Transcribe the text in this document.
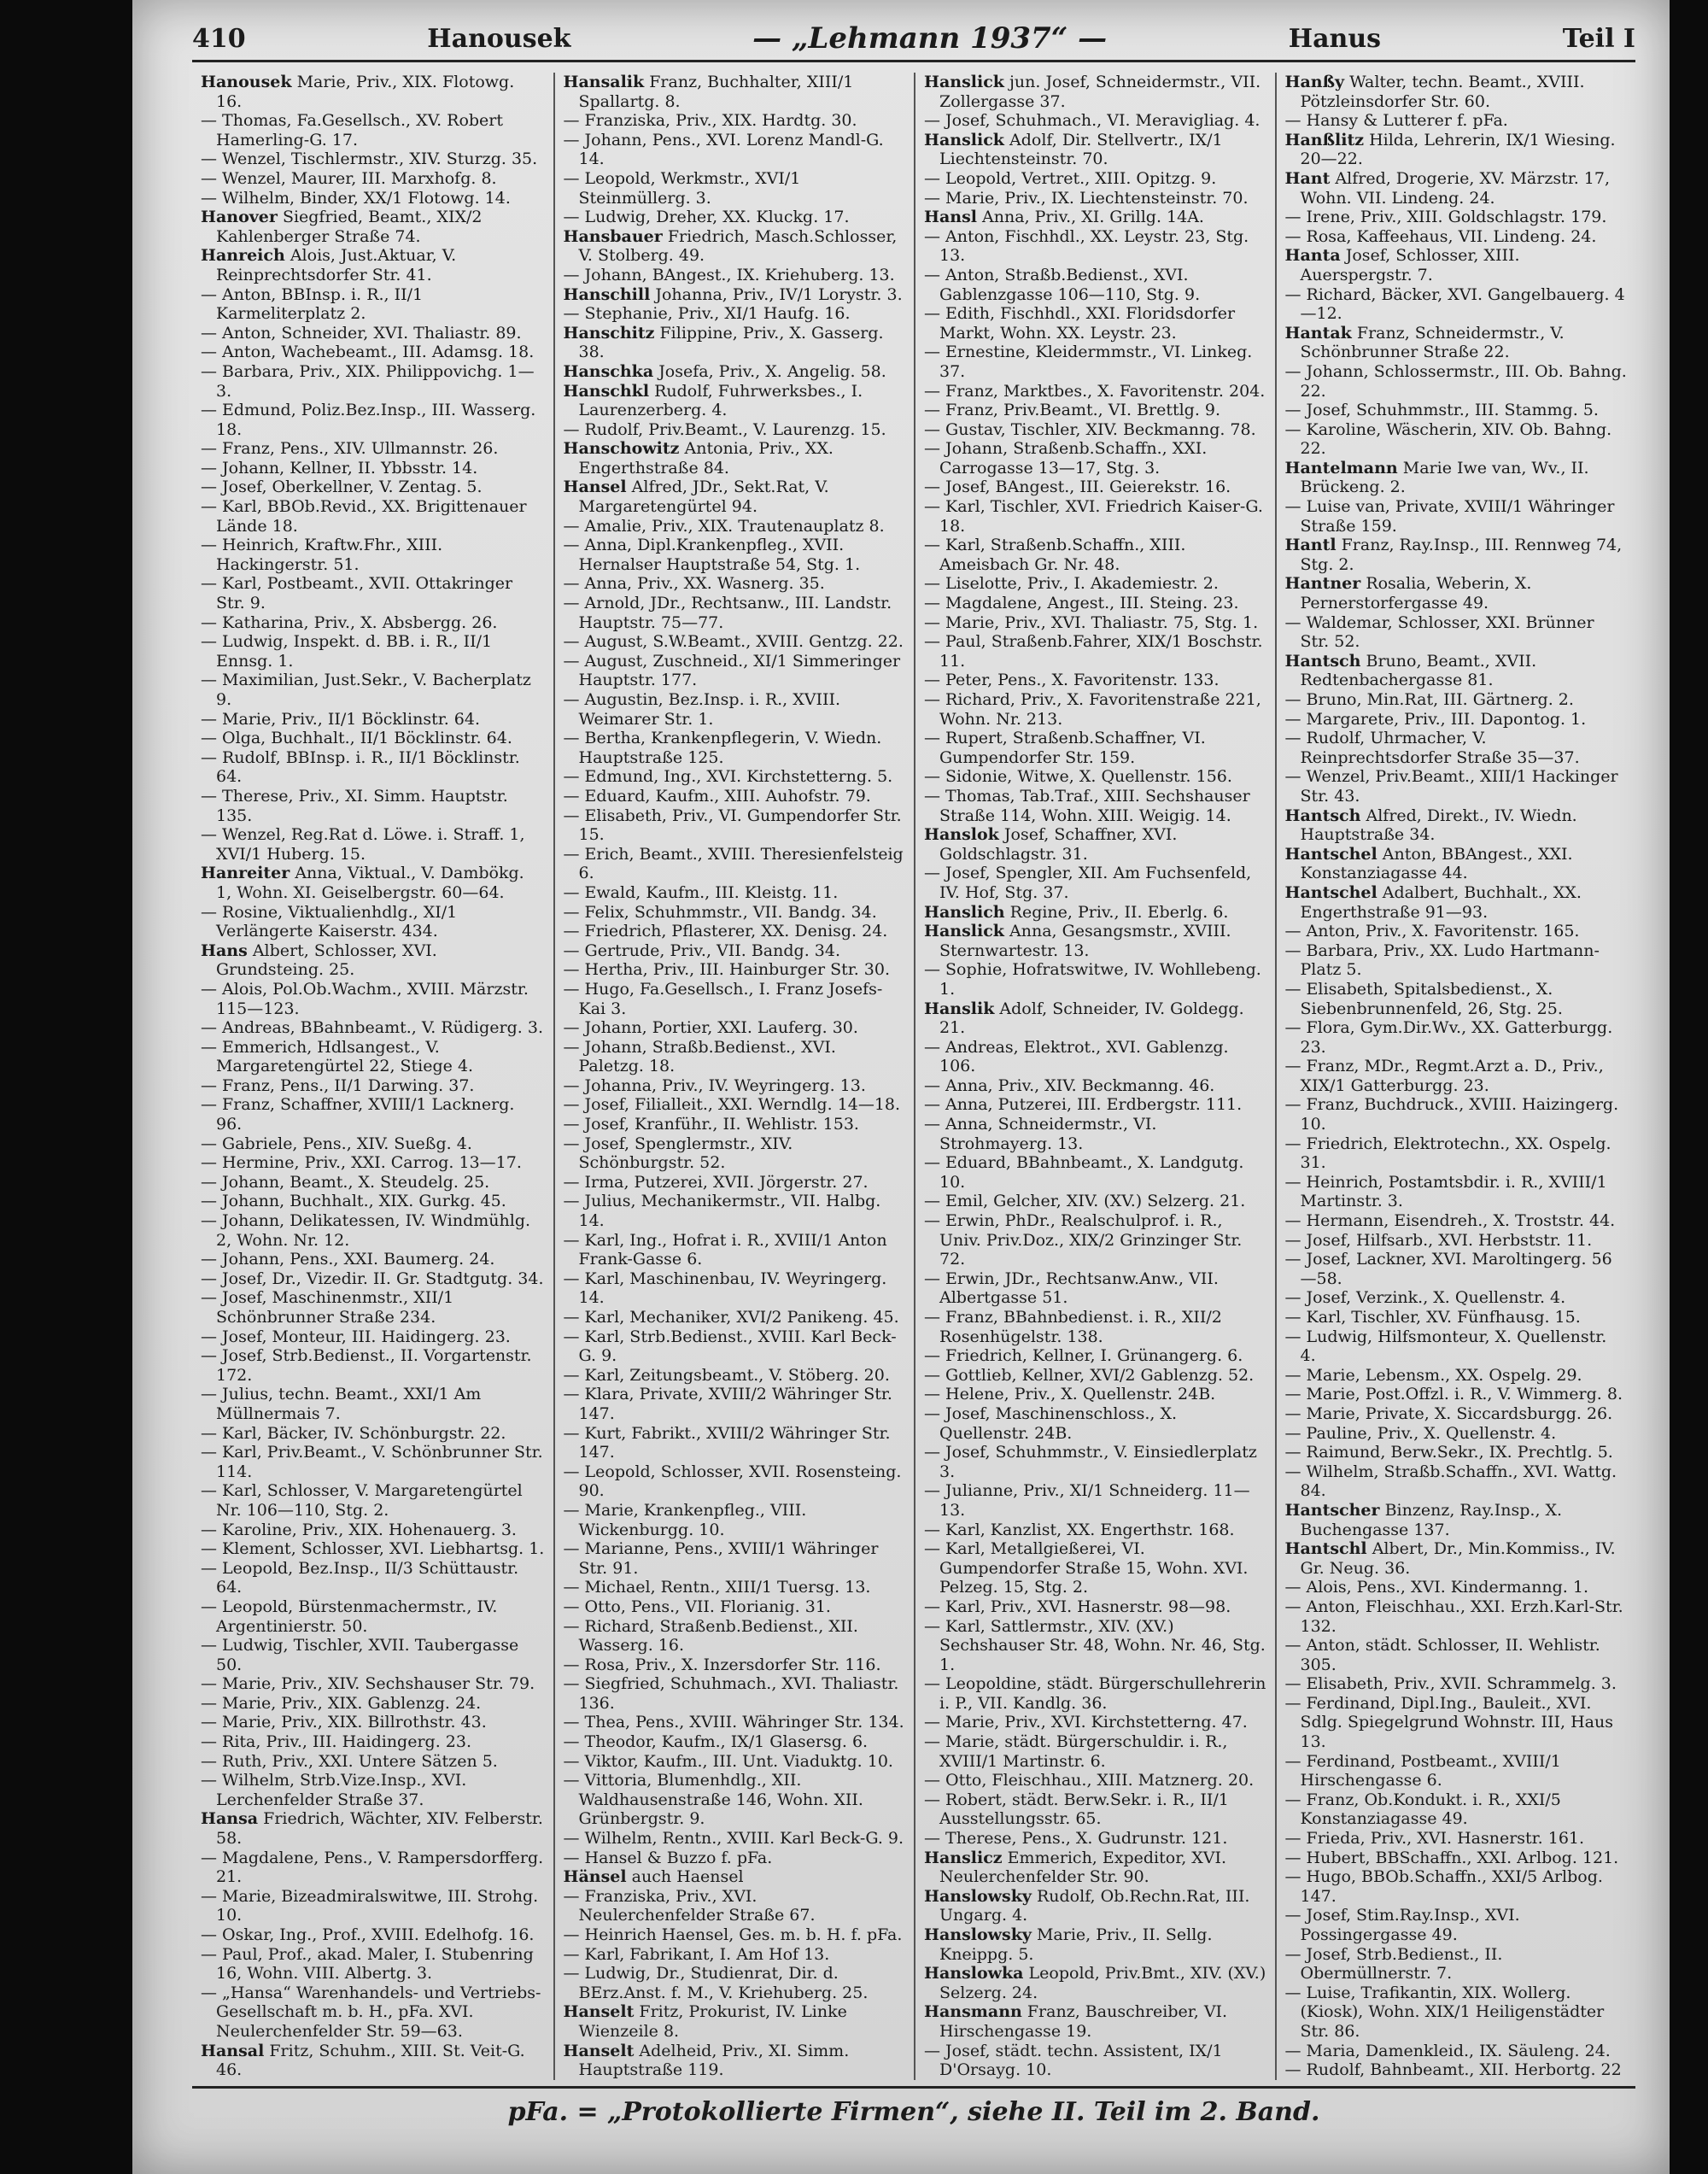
410	Hanousek	— „Lehmann 1937“ —	Hanus	Teil I

Hanousek Marie, Priv., XIX. Flotowg. 16.

— Thomas, Fa.Gesellsch., XV. Robert Hamerling-G. 17.

— Wenzel, Tischlermstr., XIV. Sturzg. 35.

— Wenzel, Maurer, III. Marxhofg. 8.

— Wilhelm, Binder, XX/1 Flotowg. 14.

Hanover Siegfried, Beamt., XIX/2 Kahlenberger Straße 74.

Hanreich Alois, Just.Aktuar, V. Reinprechtsdorfer Str. 41.

— Anton, BBInsp. i. R., II/1 Karmeliterplatz 2.

— Anton, Schneider, XVI. Thaliastr. 89.

— Anton, Wachebeamt., III. Adamsg. 18.

— Barbara, Priv., XIX. Philippovichg. 1—3.

— Edmund, Poliz.Bez.Insp., III. Wasserg. 18.

— Franz, Pens., XIV. Ullmannstr. 26.

— Johann, Kellner, II. Ybbsstr. 14.

— Josef, Oberkellner, V. Zentag. 5.

— Karl, BBOb.Revid., XX. Brigittenauer Lände 18.

— Heinrich, Kraftw.Fhr., XIII. Hackingerstr. 51.

— Karl, Postbeamt., XVII. Ottakringer Str. 9.

— Katharina, Priv., X. Absbergg. 26.

— Ludwig, Inspekt. d. BB. i. R., II/1 Ennsg. 1.

— Maximilian, Just.Sekr., V. Bacherplatz 9.

— Marie, Priv., II/1 Böcklinstr. 64.

— Olga, Buchhalt., II/1 Böcklinstr. 64.

— Rudolf, BBInsp. i. R., II/1 Böcklinstr. 64.

— Therese, Priv., XI. Simm. Hauptstr. 135.

— Wenzel, Reg.Rat d. Löwe. i. Straff. 1, XVI/1 Huberg. 15.

Hanreiter Anna, Viktual., V. Dambökg. 1, Wohn. XI. Geiselbergstr. 60—64.

— Rosine, Viktualienhdlg., XI/1 Verlängerte Kaiserstr. 434.

Hans Albert, Schlosser, XVI. Grundsteing. 25.

— Alois, Pol.Ob.Wachm., XVIII. Märzstr. 115—123.

— Andreas, BBahnbeamt., V. Rüdigerg. 3.

— Emmerich, Hdlsangest., V. Margaretengürtel 22, Stiege 4.

— Franz, Pens., II/1 Darwing. 37.

— Franz, Schaffner, XVIII/1 Lacknerg. 96.

— Gabriele, Pens., XIV. Sueßg. 4.

— Hermine, Priv., XXI. Carrog. 13—17.

— Johann, Beamt., X. Steudelg. 25.

— Johann, Buchhalt., XIX. Gurkg. 45.

— Johann, Delikatessen, IV. Windmühlg. 2, Wohn. Nr. 12.

— Johann, Pens., XXI. Baumerg. 24.

— Josef, Dr., Vizedir. II. Gr. Stadtgutg. 34.

— Josef, Maschinenmstr., XII/1 Schönbrunner Straße 234.

— Josef, Monteur, III. Haidingerg. 23.

— Josef, Strb.Bedienst., II. Vorgartenstr. 172.

— Julius, techn. Beamt., XXI/1 Am Müllnermais 7.

— Karl, Bäcker, IV. Schönburgstr. 22.

— Karl, Priv.Beamt., V. Schönbrunner Str. 114.

— Karl, Schlosser, V. Margaretengürtel Nr. 106—110, Stg. 2.

— Karoline, Priv., XIX. Hohenauerg. 3.

— Klement, Schlosser, XVI. Liebhartsg. 1.

— Leopold, Bez.Insp., II/3 Schüttaustr. 64.

— Leopold, Bürstenmachermstr., IV. Argentinierstr. 50.

— Ludwig, Tischler, XVII. Taubergasse 50.

— Marie, Priv., XIV. Sechshauser Str. 79.

— Marie, Priv., XIX. Gablenzg. 24.

— Marie, Priv., XIX. Billrothstr. 43.

— Rita, Priv., III. Haidingerg. 23.

— Ruth, Priv., XXI. Untere Sätzen 5.

— Wilhelm, Strb.Vize.Insp., XVI. Lerchenfelder Straße 37.

Hansa Friedrich, Wächter, XIV. Felberstr. 58.

— Magdalene, Pens., V. Rampersdorfferg. 21.

— Marie, Bizeadmiralswitwe, III. Strohg. 10.

— Oskar, Ing., Prof., XVIII. Edelhofg. 16.

— Paul, Prof., akad. Maler, I. Stubenring 16, Wohn. VIII. Albertg. 3.

— „Hansa“ Warenhandels- und Vertriebs-Gesellschaft m. b. H., pFa. XVI. Neulerchenfelder Str. 59—63.

Hansal Fritz, Schuhm., XIII. St. Veit-G. 46.

Hansalik Franz, Buchhalter, XIII/1 Spallartg. 8.

— Franziska, Priv., XIX. Hardtg. 30.

— Johann, Pens., XVI. Lorenz Mandl-G. 14.

— Leopold, Werkmstr., XVI/1 Steinmüllerg. 3.

— Ludwig, Dreher, XX. Kluckg. 17.

Hansbauer Friedrich, Masch.Schlosser, V. Stolberg. 49.

— Johann, BAngest., IX. Kriehuberg. 13.

Hanschill Johanna, Priv., IV/1 Lorystr. 3.

— Stephanie, Priv., XI/1 Haufg. 16.

Hanschitz Filippine, Priv., X. Gasserg. 38.

Hanschka Josefa, Priv., X. Angelig. 58.

Hanschkl Rudolf, Fuhrwerksbes., I. Laurenzerberg. 4.

— Rudolf, Priv.Beamt., V. Laurenzg. 15.

Hanschowitz Antonia, Priv., XX. Engerthstraße 84.

Hansel Alfred, JDr., Sekt.Rat, V. Margaretengürtel 94.

— Amalie, Priv., XIX. Trautenauplatz 8.

— Anna, Dipl.Krankenpfleg., XVII. Hernalser Hauptstraße 54, Stg. 1.

— Anna, Priv., XX. Wasnerg. 35.

— Arnold, JDr., Rechtsanw., III. Landstr. Hauptstr. 75—77.

— August, S.W.Beamt., XVIII. Gentzg. 22.

— August, Zuschneid., XI/1 Simmeringer Hauptstr. 177.

— Augustin, Bez.Insp. i. R., XVIII. Weimarer Str. 1.

— Bertha, Krankenpflegerin, V. Wiedn. Hauptstraße 125.

— Edmund, Ing., XVI. Kirchstetterng. 5.

— Eduard, Kaufm., XIII. Auhofstr. 79.

— Elisabeth, Priv., VI. Gumpendorfer Str. 15.

— Erich, Beamt., XVIII. Theresienfelsteig 6.

— Ewald, Kaufm., III. Kleistg. 11.

— Felix, Schuhmmstr., VII. Bandg. 34.

— Friedrich, Pflasterer, XX. Denisg. 24.

— Gertrude, Priv., VII. Bandg. 34.

— Hertha, Priv., III. Hainburger Str. 30.

— Hugo, Fa.Gesellsch., I. Franz Josefs-Kai 3.

— Johann, Portier, XXI. Lauferg. 30.

— Johann, Straßb.Bedienst., XVI. Paletzg. 18.

— Johanna, Priv., IV. Weyringerg. 13.

— Josef, Filialleit., XXI. Werndlg. 14—18.

— Josef, Kranführ., II. Wehlistr. 153.

— Josef, Spenglermstr., XIV. Schönburgstr. 52.

— Irma, Putzerei, XVII. Jörgerstr. 27.

— Julius, Mechanikermstr., VII. Halbg. 14.

— Karl, Ing., Hofrat i. R., XVIII/1 Anton Frank-Gasse 6.

— Karl, Maschinenbau, IV. Weyringerg. 14.

— Karl, Mechaniker, XVI/2 Panikeng. 45.

— Karl, Strb.Bedienst., XVIII. Karl Beck-G. 9.

— Karl, Zeitungsbeamt., V. Stöberg. 20.

— Klara, Private, XVIII/2 Währinger Str. 147.

— Kurt, Fabrikt., XVIII/2 Währinger Str. 147.

— Leopold, Schlosser, XVII. Rosensteing. 90.

— Marie, Krankenpfleg., VIII. Wickenburgg. 10.

— Marianne, Pens., XVIII/1 Währinger Str. 91.

— Michael, Rentn., XIII/1 Tuersg. 13.

— Otto, Pens., VII. Florianig. 31.

— Richard, Straßenb.Bedienst., XII. Wasserg. 16.

— Rosa, Priv., X. Inzersdorfer Str. 116.

— Siegfried, Schuhmach., XVI. Thaliastr. 136.

— Thea, Pens., XVIII. Währinger Str. 134.

— Theodor, Kaufm., IX/1 Glasersg. 6.

— Viktor, Kaufm., III. Unt. Viaduktg. 10.

— Vittoria, Blumenhdlg., XII. Waldhausenstraße 146, Wohn. XII. Grünbergstr. 9.

— Wilhelm, Rentn., XVIII. Karl Beck-G. 9.

— Hansel & Buzzo f. pFa.

Hänsel auch Haensel

— Franziska, Priv., XVI. Neulerchenfelder Straße 67.

— Heinrich Haensel, Ges. m. b. H. f. pFa.

— Karl, Fabrikant, I. Am Hof 13.

— Ludwig, Dr., Studienrat, Dir. d. BErz.Anst. f. M., V. Kriehuberg. 25.

Hanselt Fritz, Prokurist, IV. Linke Wienzeile 8.

Hanselt Adelheid, Priv., XI. Simm. Hauptstraße 119.

Hanslick jun. Josef, Schneidermstr., VII. Zollergasse 37.

— Josef, Schuhmach., VI. Meravigliag. 4.

Hanslick Adolf, Dir. Stellvertr., IX/1 Liechtensteinstr. 70.

— Leopold, Vertret., XIII. Opitzg. 9.

— Marie, Priv., IX. Liechtensteinstr. 70.

Hansl Anna, Priv., XI. Grillg. 14A.

— Anton, Fischhdl., XX. Leystr. 23, Stg. 13.

— Anton, Straßb.Bedienst., XVI. Gablenzgasse 106—110, Stg. 9.

— Edith, Fischhdl., XXI. Floridsdorfer Markt, Wohn. XX. Leystr. 23.

— Ernestine, Kleidermmstr., VI. Linkeg. 37.

— Franz, Marktbes., X. Favoritenstr. 204.

— Franz, Priv.Beamt., VI. Brettlg. 9.

— Gustav, Tischler, XIV. Beckmanng. 78.

— Johann, Straßenb.Schaffn., XXI. Carrogasse 13—17, Stg. 3.

— Josef, BAngest., III. Geierekstr. 16.

— Karl, Tischler, XVI. Friedrich Kaiser-G. 18.

— Karl, Straßenb.Schaffn., XIII. Ameisbach Gr. Nr. 48.

— Liselotte, Priv., I. Akademiestr. 2.

— Magdalene, Angest., III. Steing. 23.

— Marie, Priv., XVI. Thaliastr. 75, Stg. 1.

— Paul, Straßenb.Fahrer, XIX/1 Boschstr. 11.

— Peter, Pens., X. Favoritenstr. 133.

— Richard, Priv., X. Favoritenstraße 221, Wohn. Nr. 213.

— Rupert, Straßenb.Schaffner, VI. Gumpendorfer Str. 159.

— Sidonie, Witwe, X. Quellenstr. 156.

— Thomas, Tab.Traf., XIII. Sechshauser Straße 114, Wohn. XIII. Weigig. 14.

Hanslok Josef, Schaffner, XVI. Goldschlagstr. 31.

— Josef, Spengler, XII. Am Fuchsenfeld, IV. Hof, Stg. 37.

Hanslich Regine, Priv., II. Eberlg. 6.

Hanslick Anna, Gesangsmstr., XVIII. Sternwartestr. 13.

— Sophie, Hofratswitwe, IV. Wohllebeng. 1.

Hanslik Adolf, Schneider, IV. Goldegg. 21.

— Andreas, Elektrot., XVI. Gablenzg. 106.

— Anna, Priv., XIV. Beckmanng. 46.

— Anna, Putzerei, III. Erdbergstr. 111.

— Anna, Schneidermstr., VI. Strohmayerg. 13.

— Eduard, BBahnbeamt., X. Landgutg. 10.

— Emil, Gelcher, XIV. (XV.) Selzerg. 21.

— Erwin, PhDr., Realschulprof. i. R., Univ. Priv.Doz., XIX/2 Grinzinger Str. 72.

— Erwin, JDr., Rechtsanw.Anw., VII. Albertgasse 51.

— Franz, BBahnbedienst. i. R., XII/2 Rosenhügelstr. 138.

— Friedrich, Kellner, I. Grünangerg. 6.

— Gottlieb, Kellner, XVI/2 Gablenzg. 52.

— Helene, Priv., X. Quellenstr. 24B.

— Josef, Maschinenschloss., X. Quellenstr. 24B.

— Josef, Schuhmmstr., V. Einsiedlerplatz 3.

— Julianne, Priv., XI/1 Schneiderg. 11—13.

— Karl, Kanzlist, XX. Engerthstr. 168.

— Karl, Metallgießerei, VI. Gumpendorfer Straße 15, Wohn. XVI. Pelzeg. 15, Stg. 2.

— Karl, Priv., XVI. Hasnerstr. 98—98.

— Karl, Sattlermstr., XIV. (XV.) Sechshauser Str. 48, Wohn. Nr. 46, Stg. 1.

— Leopoldine, städt. Bürgerschullehrerin i. P., VII. Kandlg. 36.

— Marie, Priv., XVI. Kirchstetterng. 47.

— Marie, städt. Bürgerschuldir. i. R., XVIII/1 Martinstr. 6.

— Otto, Fleischhau., XIII. Matznerg. 20.

— Robert, städt. Berw.Sekr. i. R., II/1 Ausstellungsstr. 65.

— Therese, Pens., X. Gudrunstr. 121.

Hanslicz Emmerich, Expeditor, XVI. Neulerchenfelder Str. 90.

Hanslowsky Rudolf, Ob.Rechn.Rat, III. Ungarg. 4.

Hanslowsky Marie, Priv., II. Sellg. Kneippg. 5.

Hanslowka Leopold, Priv.Bmt., XIV. (XV.) Selzerg. 24.

Hansmann Franz, Bauschreiber, VI. Hirschengasse 19.

— Josef, städt. techn. Assistent, IX/1 D'Orsayg. 10.

Hanßy Walter, techn. Beamt., XVIII. Pötzleinsdorfer Str. 60.

— Hansy & Lutterer f. pFa.

Hanßlitz Hilda, Lehrerin, IX/1 Wiesing. 20—22.

Hant Alfred, Drogerie, XV. Märzstr. 17, Wohn. VII. Lindeng. 24.

— Irene, Priv., XIII. Goldschlagstr. 179.

— Rosa, Kaffeehaus, VII. Lindeng. 24.

Hanta Josef, Schlosser, XIII. Auerspergstr. 7.

— Richard, Bäcker, XVI. Gangelbauerg. 4—12.

Hantak Franz, Schneidermstr., V. Schönbrunner Straße 22.

— Johann, Schlossermstr., III. Ob. Bahng. 22.

— Josef, Schuhmmstr., III. Stammg. 5.

— Karoline, Wäscherin, XIV. Ob. Bahng. 22.

Hantelmann Marie Iwe van, Wv., II. Brückeng. 2.

— Luise van, Private, XVIII/1 Währinger Straße 159.

Hantl Franz, Ray.Insp., III. Rennweg 74, Stg. 2.

Hantner Rosalia, Weberin, X. Pernerstorfergasse 49.

— Waldemar, Schlosser, XXI. Brünner Str. 52.

Hantsch Bruno, Beamt., XVII. Redtenbachergasse 81.

— Bruno, Min.Rat, III. Gärtnerg. 2.

— Margarete, Priv., III. Dapontog. 1.

— Rudolf, Uhrmacher, V. Reinprechtsdorfer Straße 35—37.

— Wenzel, Priv.Beamt., XIII/1 Hackinger Str. 43.

Hantsch Alfred, Direkt., IV. Wiedn. Hauptstraße 34.

Hantschel Anton, BBAngest., XXI. Konstanziagasse 44.

Hantschel Adalbert, Buchhalt., XX. Engerthstraße 91—93.

— Anton, Priv., X. Favoritenstr. 165.

— Barbara, Priv., XX. Ludo Hartmann-Platz 5.

— Elisabeth, Spitalsbedienst., X. Siebenbrunnenfeld, 26, Stg. 25.

— Flora, Gym.Dir.Wv., XX. Gatterburgg. 23.

— Franz, MDr., Regmt.Arzt a. D., Priv., XIX/1 Gatterburgg. 23.

— Franz, Buchdruck., XVIII. Haizingerg. 10.

— Friedrich, Elektrotechn., XX. Ospelg. 31.

— Heinrich, Postamtsbdir. i. R., XVIII/1 Martinstr. 3.

— Hermann, Eisendreh., X. Troststr. 44.

— Josef, Hilfsarb., XVI. Herbststr. 11.

— Josef, Lackner, XVI. Maroltingerg. 56—58.

— Josef, Verzink., X. Quellenstr. 4.

— Karl, Tischler, XV. Fünfhausg. 15.

— Ludwig, Hilfsmonteur, X. Quellenstr. 4.

— Marie, Lebensm., XX. Ospelg. 29.

— Marie, Post.Offzl. i. R., V. Wimmerg. 8.

— Marie, Private, X. Siccardsburgg. 26.

— Pauline, Priv., X. Quellenstr. 4.

— Raimund, Berw.Sekr., IX. Prechtlg. 5.

— Wilhelm, Straßb.Schaffn., XVI. Wattg. 84.

Hantscher Binzenz, Ray.Insp., X. Buchengasse 137.

Hantschl Albert, Dr., Min.Kommiss., IV. Gr. Neug. 36.

— Alois, Pens., XVI. Kindermanng. 1.

— Anton, Fleischhau., XXI. Erzh.Karl-Str. 132.

— Anton, städt. Schlosser, II. Wehlistr. 305.

— Elisabeth, Priv., XVII. Schrammelg. 3.

— Ferdinand, Dipl.Ing., Bauleit., XVI. Sdlg. Spiegelgrund Wohnstr. III, Haus 13.

— Ferdinand, Postbeamt., XVIII/1 Hirschengasse 6.

— Franz, Ob.Kondukt. i. R., XXI/5 Konstanziagasse 49.

— Frieda, Priv., XVI. Hasnerstr. 161.

— Hubert, BBSchaffn., XXI. Arlbog. 121.

— Hugo, BBOb.Schaffn., XXI/5 Arlbog. 147.

— Josef, Stim.Ray.Insp., XVI. Possingergasse 49.

— Josef, Strb.Bedienst., II. Obermüllnerstr. 7.

— Luise, Trafikantin, XIX. Wollerg. (Kiosk), Wohn. XIX/1 Heiligenstädter Str. 86.

— Maria, Damenkleid., IX. Säuleng. 24.

— Rudolf, Bahnbeamt., XII. Herbortg. 22

pFa. = „Protokollierte Firmen“, siehe II. Teil im 2. Band.
